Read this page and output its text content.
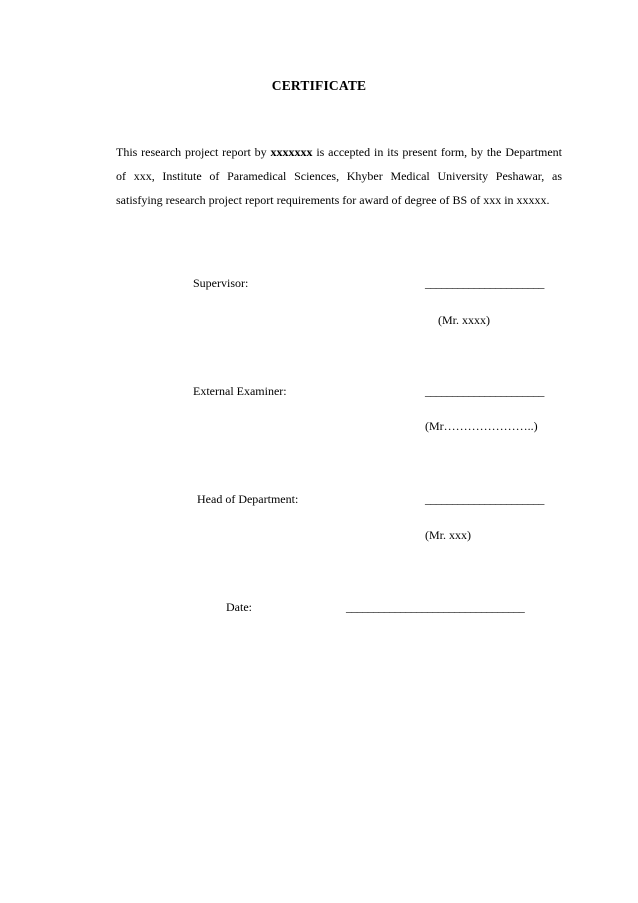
CERTIFICATE
This research project report by xxxxxxx is accepted in its present form, by the Department of xxx, Institute of Paramedical Sciences, Khyber Medical University Peshawar, as satisfying research project report requirements for award of degree of BS of xxx in xxxxx.
Supervisor:	______________________
(Mr. xxxx)
External Examiner:	______________________
(Mr…………………..)
Head of Department:	______________________
(Mr. xxx)
Date:	_________________________________
